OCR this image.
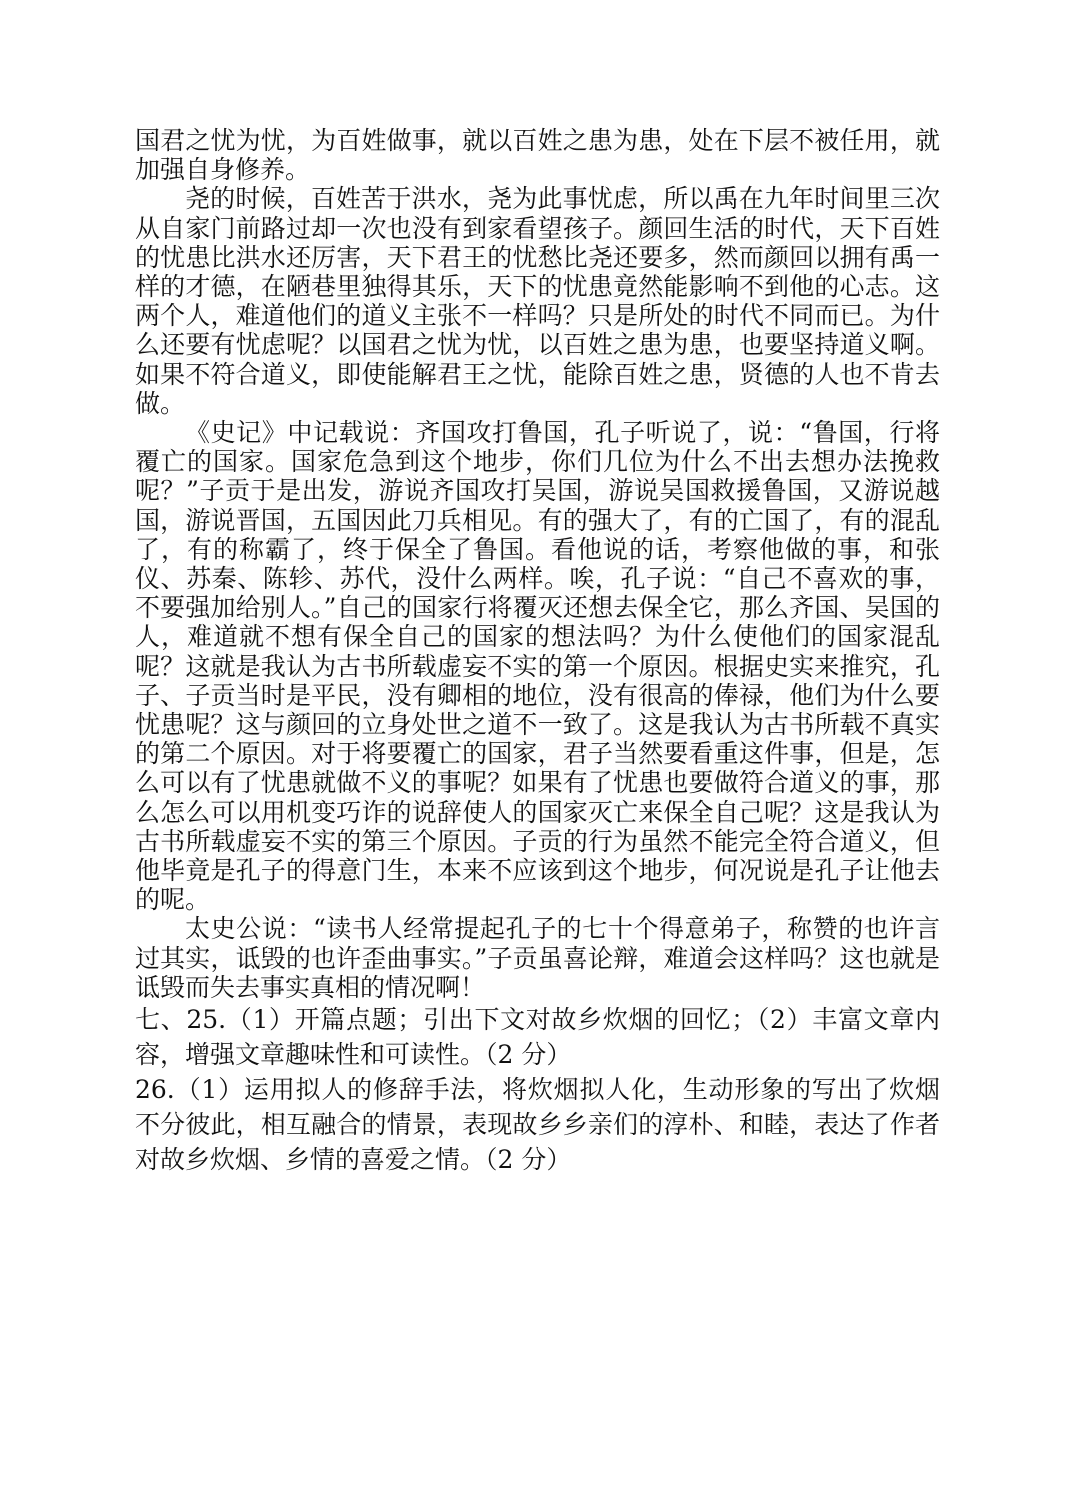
国君之忧为忧，为百姓做事，就以百姓之患为患，处在下层不被任用，就加强自身修养。

尧的时候，百姓苦于洪水，尧为此事忧虑，所以禹在九年时间里三次从自家门前路过却一次也没有到家看望孩子。颜回生活的时代，天下百姓的忧患比洪水还厉害，天下君王的忧愁比尧还要多，然而颜回以拥有禹一样的才德，在陋巷里独得其乐，天下的忧患竟然能影响不到他的心志。这两个人，难道他们的道义主张不一样吗？只是所处的时代不同而已。为什么还要有忧虑呢？以国君之忧为忧，以百姓之患为患，也要坚持道义啊。如果不符合道义，即使能解君王之忧，能除百姓之患，贤德的人也不肯去做。

《史记》中记载说：齐国攻打鲁国，孔子听说了，说：“鲁国，行将覆亡的国家。国家危急到这个地步，你们几位为什么不出去想办法挽救呢？”子贡于是出发，游说齐国攻打吴国，游说吴国救援鲁国，又游说越国，游说晋国，五国因此刀兵相见。有的强大了，有的亡国了，有的混乱了，有的称霸了，终于保全了鲁国。看他说的话，考察他做的事，和张仪、苏秦、陈轸、苏代，没什么两样。唉，孔子说：“自己不喜欢的事，不要强加给别人。”自己的国家行将覆灭还想去保全它，那么齐国、吴国的人，难道就不想有保全自己的国家的想法吗？为什么使他们的国家混乱呢？这就是我认为古书所载虚妄不实的第一个原因。根据史实来推究，孔子、子贡当时是平民，没有卿相的地位，没有很高的俸禄，他们为什么要忧患呢？这与颜回的立身处世之道不一致了。这是我认为古书所载不真实的第二个原因。对于将要覆亡的国家，君子当然要看重这件事，但是，怎么可以有了忧患就做不义的事呢？如果有了忧患也要做符合道义的事，那么怎么可以用机变巧诈的说辞使人的国家灭亡来保全自己呢？这是我认为古书所载虚妄不实的第三个原因。子贡的行为虽然不能完全符合道义，但他毕竟是孔子的得意门生，本来不应该到这个地步，何况说是孔子让他去的呢。

太史公说：“读书人经常提起孔子的七十个得意弟子，称赞的也许言过其实，诋毁的也许歪曲事实。”子贡虽喜论辩，难道会这样吗？这也就是诋毁而失去事实真相的情况啊！

七、25.（1）开篇点题；引出下文对故乡炊烟的回忆；（2）丰富文章内容，增强文章趣味性和可读性。（2 分）

26.（1）运用拟人的修辞手法，将炊烟拟人化，生动形象的写出了炊烟不分彼此，相互融合的情景，表现故乡乡亲们的淳朴、和睦，表达了作者对故乡炊烟、乡情的喜爱之情。（2 分）
